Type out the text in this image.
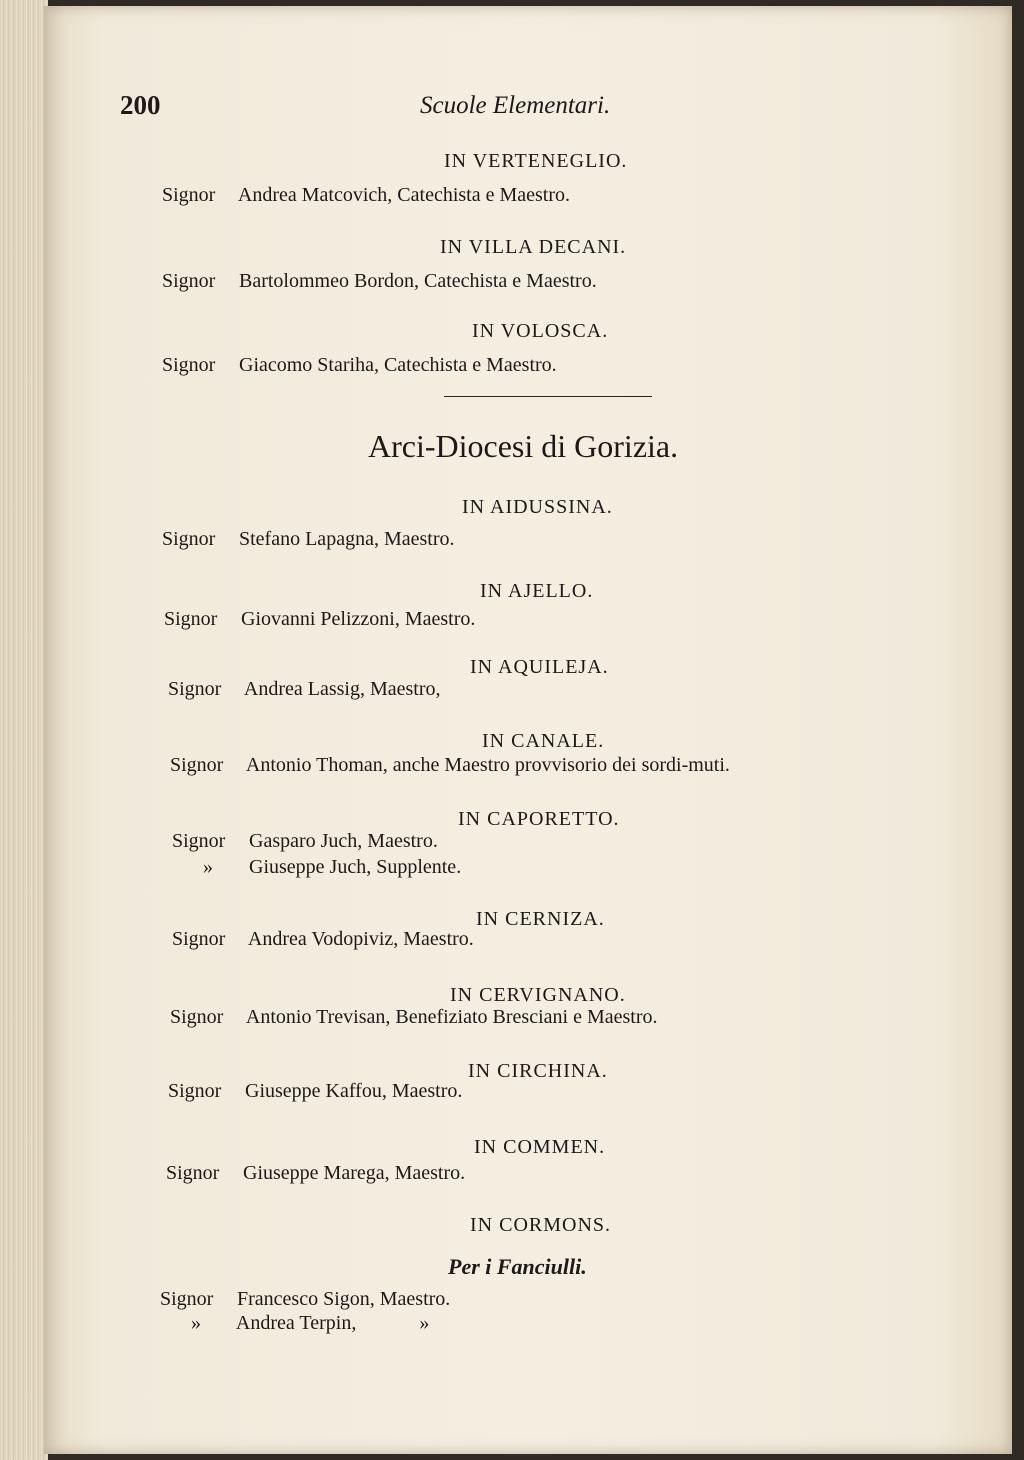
200	Scuole Elementari.
IN VERTENEGLIO.
Signor Andrea Matcovich, Catechista e Maestro.
IN VILLA DECANI.
Signor Bartolommeo Bordon, Catechista e Maestro.
IN VOLOSCA.
Signor Giacomo Stariha, Catechista e Maestro.
Arci-Diocesi di Gorizia.
IN AIDUSSINA.
Signor Stefano Lapagna, Maestro.
IN AJELLO.
Signor Giovanni Pelizzoni, Maestro.
IN AQUILEJA.
Signor Andrea Lassig, Maestro,
IN CANALE.
Signor Antonio Thoman, anche Maestro provvisorio dei sordi-muti.
IN CAPORETTO.
Signor Gasparo Juch, Maestro.
» Giuseppe Juch, Supplente.
IN CERNIZA.
Signor Andrea Vodopiviz, Maestro.
IN CERVIGNANO.
Signor Antonio Trevisan, Benefiziato Bresciani e Maestro.
IN CIRCHINA.
Signor Giuseppe Kaffou, Maestro.
IN COMMEN.
Signor Giuseppe Marega, Maestro.
IN CORMONS.
Per i Fanciulli.
Signor Francesco Sigon, Maestro.
» Andrea Terpin,	»
